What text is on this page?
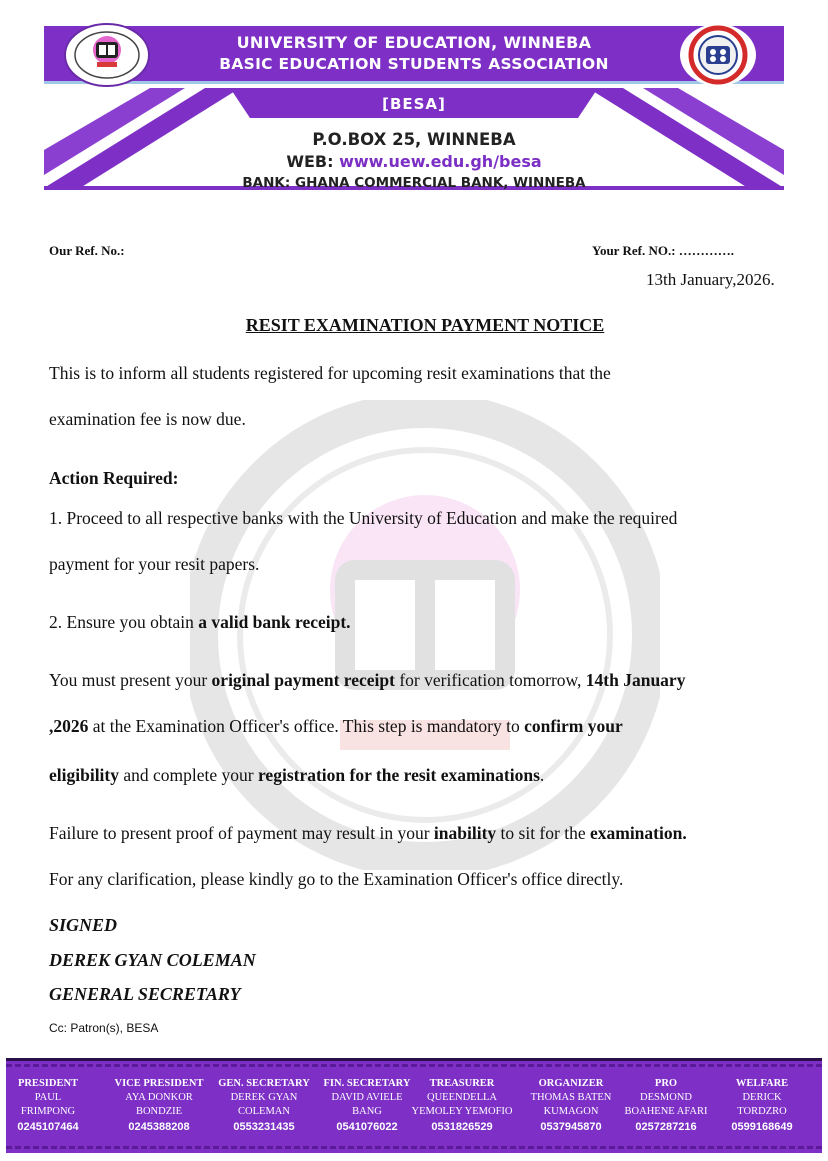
UNIVERSITY OF EDUCATION, WINNEBA
BASIC EDUCATION STUDENTS ASSOCIATION
[BESA]
P.O.BOX 25, WINNEBA
WEB: www.uew.edu.gh/besa
BANK: GHANA COMMERCIAL BANK, WINNEBA
Our Ref. No.:	Your Ref. NO.: ………….
13th January,2026.
RESIT EXAMINATION PAYMENT NOTICE
This is to inform all students registered for upcoming resit examinations that the
examination fee is now due.
Action Required:
1. Proceed to all respective banks with the University of Education and make the required
payment for your resit papers.
2. Ensure you obtain a valid bank receipt.
You must present your original payment receipt for verification tomorrow, 14th January
,2026 at the Examination Officer's office. This step is mandatory to confirm your
eligibility and complete your registration for the resit examinations.
Failure to present proof of payment may result in your inability to sit for the examination.
For any clarification, please kindly go to the Examination Officer's office directly.
SIGNED
DEREK GYAN COLEMAN
GENERAL SECRETARY
Cc: Patron(s), BESA
PRESIDENT
PAUL
FRIMPONG
0245107464
VICE PRESIDENT
AYA DONKOR
BONDZIE
0245388208
GEN. SECRETARY
DEREK GYAN
COLEMAN
0553231435
FIN. SECRETARY
DAVID AVIELE
BANG
0541076022
TREASURER
QUEENDELLA
YEMOLEY YEMOFIO
0531826529
ORGANIZER
THOMAS BATEN
KUMAGON
0537945870
PRO
DESMOND
BOAHENE AFARI
0257287216
WELFARE
DERICK
TORDZRO
0599168649
